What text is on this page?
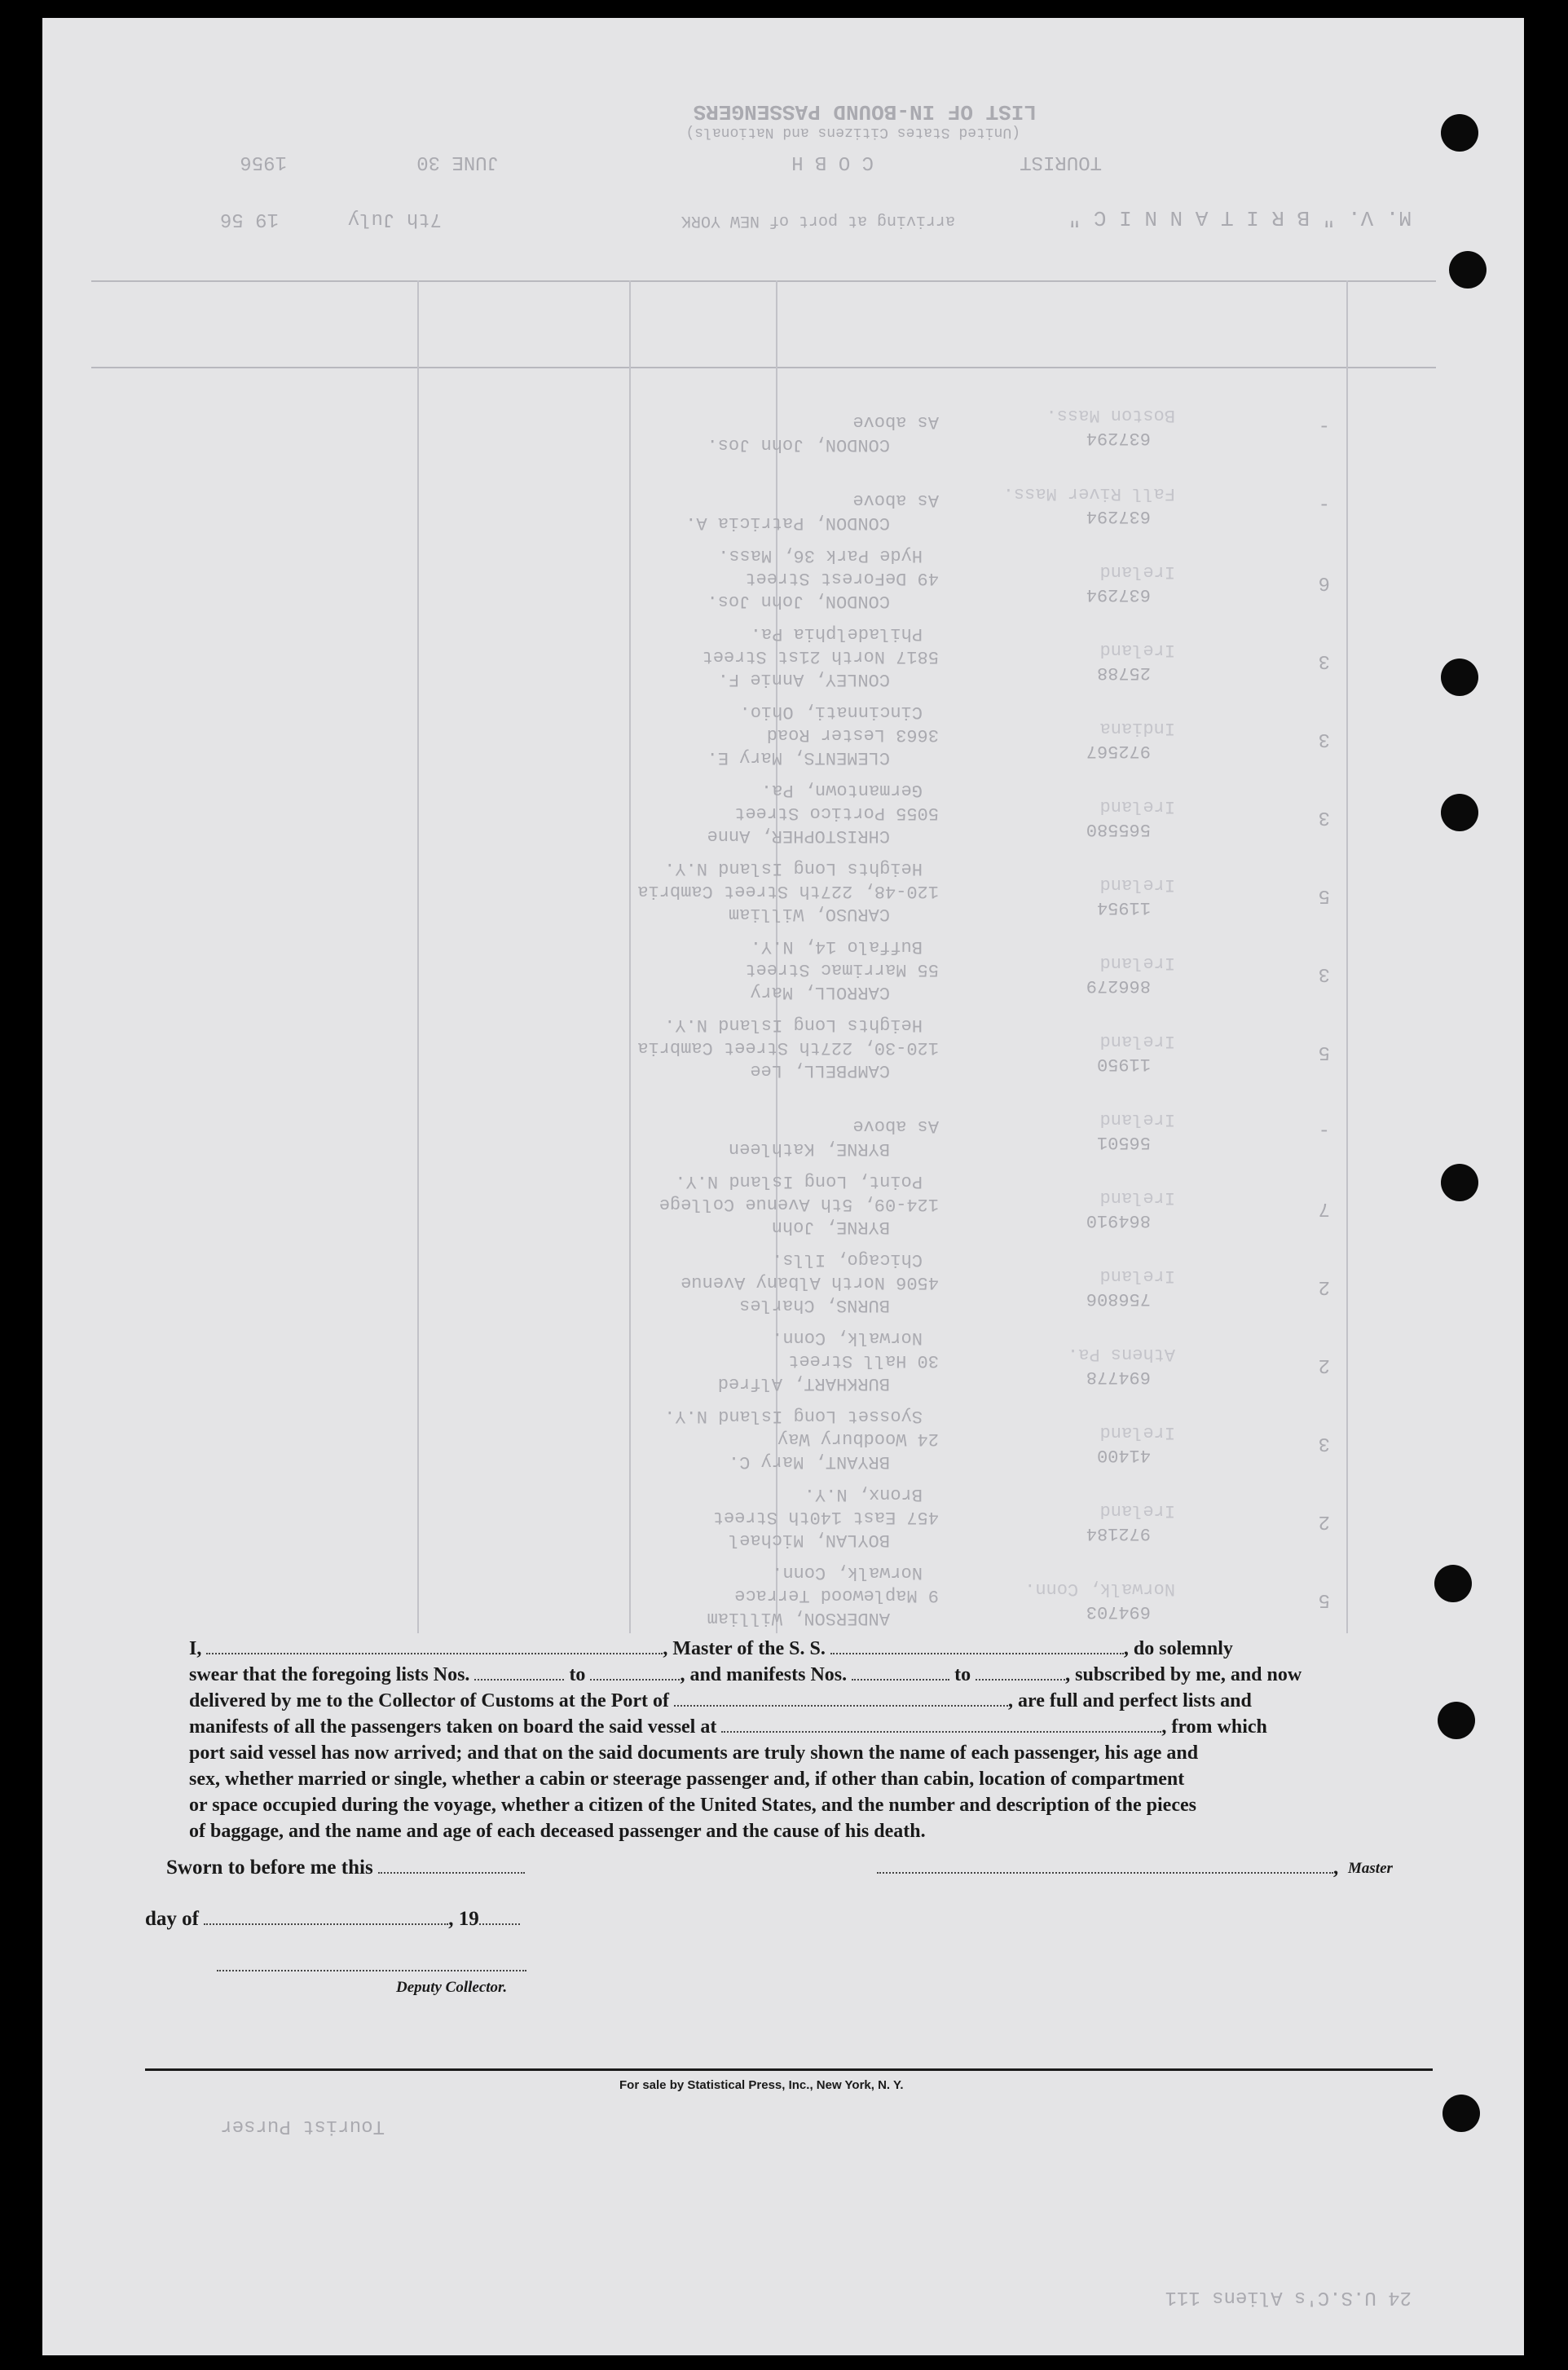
LIST OF IN-BOUND PASSENGERS
(United States Citizens and Nationals)
TOURIST
C O B H
JUNE 30
1956
M. V. " B R I T A N N I C "
arriving at port of NEW YORK
7th July
19 56
ANDERSON, William
9 Maplewood Terrace
Norwalk, Conn.
694703
Norwalk, Conn.	5
BOYLAN, Michael
457 East 140th Street
Bronx, N.Y.
972184
Ireland	2
BRYANT, Mary C.
24 Woodbury Way
Syosset Long Island N.Y.
41400
Ireland	3
BURKHART, Alfred
30 Hall Street
Norwalk, Conn.
694778
Athens Pa.	2
BURNS, Charles
4506 North Albany Avenue
Chicago, Ills.
756806
Ireland	2
BYRNE, John
124-09, 5th Avenue College
Point, Long Island N.Y.
864910
Ireland	7
BYRNE, Kathleen
As above
56501
Ireland	-
CAMPBELL, Lee
120-30, 227th Street Cambria
Heights Long Island N.Y.
11950
Ireland	5
CARROLL, Mary
55 Marrimac Street
Buffalo 14, N.Y.
866279
Ireland	3
CARUSO, William
120-48, 227th Street Cambria
Heights Long Island N.Y.
11954
Ireland	5
CHRISTOPHER, Anne
5055 Portico Street
Germantown, Pa.
565580
Ireland	3
CLEMENTS, Mary E.
3663 Lester Road
Cincinnati, Ohio.
972567
Indiana	3
CONLEY, Annie F.
5817 North 21st Street
Philadelphia Pa.
25788
Ireland	3
CONDON, John Jos.
49 DeForest Street
Hyde Park 36, Mass.
637294
Ireland	6
CONDON, Patricia A.
As above
637294
Fall River Mass.	-
CONDON, John Jos.
As above
637294
Boston Mass.	-
Tourist Purser
24 U.S.C's Aliens 111
I,	, Master of the S. S.	, do solemnly
swear that the foregoing lists Nos.	to	, and manifests Nos.	to	, subscribed by me, and now
delivered by me to the Collector of Customs at the Port of	, are full and perfect lists and
manifests of all the passengers taken on board the said vessel at	, from which
port said vessel has now arrived; and that on the said documents are truly shown the name of each passenger, his age and
sex, whether married or single, whether a cabin or steerage passenger and, if other than cabin, location of compartment
or space occupied during the voyage, whether a citizen of the United States, and the number and description of the pieces
of baggage, and the name and age of each deceased passenger and the cause of his death.
Sworn to before me this	, Master
day of	, 19
Deputy Collector.
For sale by Statistical Press, Inc., New York, N. Y.
